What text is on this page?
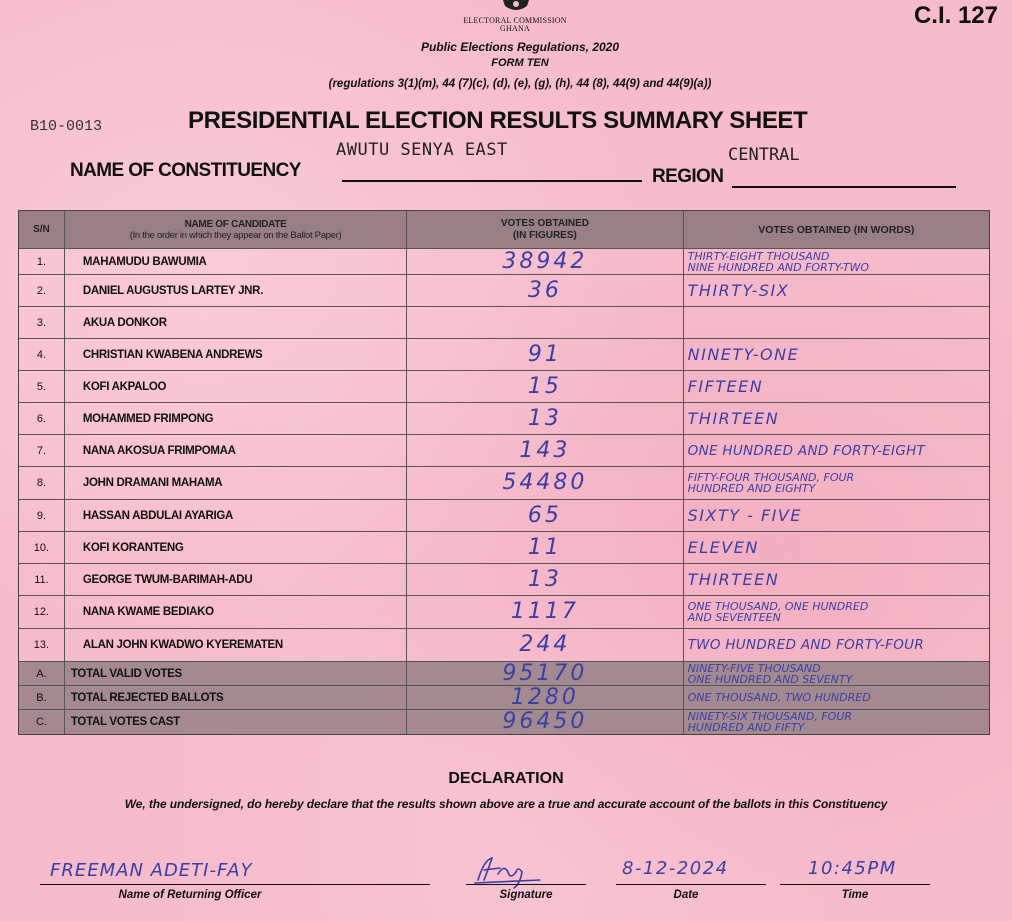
ELECTORAL COMMISSION
GHANA	C.I. 127
Public Elections Regulations, 2020
FORM TEN
(regulations 3(1)(m), 44 (7)(c), (d), (e), (g), (h), 44 (8), 44(9) and 44(9)(a))
B10-0013	PRESIDENTIAL ELECTION RESULTS SUMMARY SHEET
NAME OF CONSTITUENCY
AWUTU SENYA EAST
REGION
CENTRAL
S/N	NAME OF CANDIDATE
(In the order in which they appear on the Ballot Paper)
VOTES OBTAINED
(IN FIGURES)	VOTES OBTAINED (IN WORDS)
1.	MAHAMUDU BAWUMIA	38942	THIRTY-EIGHT THOUSAND
NINE HUNDRED AND FORTY-TWO
2.	DANIEL AUGUSTUS LARTEY JNR.	36	THIRTY-SIX
3.	AKUA DONKOR
4.	CHRISTIAN KWABENA ANDREWS	91	NINETY-ONE
5.	KOFI AKPALOO	15	FIFTEEN
6.	MOHAMMED FRIMPONG	13	THIRTEEN
7.	NANA AKOSUA FRIMPOMAA	143	ONE HUNDRED AND FORTY-EIGHT
8.	JOHN DRAMANI MAHAMA	54480	FIFTY-FOUR THOUSAND, FOUR
HUNDRED AND EIGHTY
9.	HASSAN ABDULAI AYARIGA	65	SIXTY - FIVE
10.	KOFI KORANTENG	11	ELEVEN
11.	GEORGE TWUM-BARIMAH-ADU	13	THIRTEEN
12.	NANA KWAME BEDIAKO	1117	ONE THOUSAND, ONE HUNDRED
AND SEVENTEEN
13.	ALAN JOHN KWADWO KYEREMATEN	244	TWO HUNDRED AND FORTY-FOUR
A.	TOTAL VALID VOTES	95170	NINETY-FIVE THOUSAND
ONE HUNDRED AND SEVENTY
B.	TOTAL REJECTED BALLOTS	1280	ONE THOUSAND, TWO HUNDRED
C.	TOTAL VOTES CAST	96450	NINETY-SIX THOUSAND, FOUR
HUNDRED AND FIFTY
DECLARATION
We, the undersigned, do hereby declare that the results shown above are a true and accurate account of the ballots in this Constituency
FREEMAN ADETI-FAY
Name of Returning Officer	Signature
8-12-2024
Date
10:45PM
Time
